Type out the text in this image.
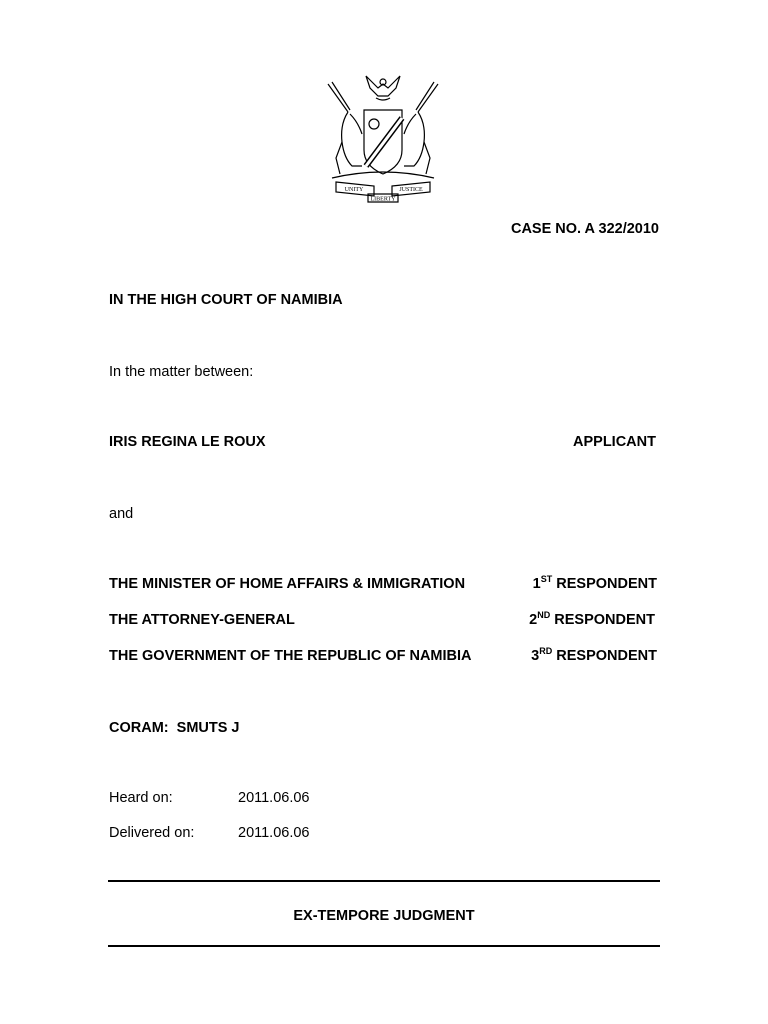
UNITY	JUSTICE
LIBERTY
CASE NO. A 322/2010
IN THE HIGH COURT OF NAMIBIA
In the matter between:
IRIS REGINA LE ROUX	APPLICANT
and
THE MINISTER OF HOME AFFAIRS & IMMIGRATION	1ST RESPONDENT
THE ATTORNEY-GENERAL	2ND RESPONDENT
THE GOVERNMENT OF THE REPUBLIC OF NAMIBIA	3RD RESPONDENT
CORAM:  SMUTS J
Heard on:	2011.06.06
Delivered on:	2011.06.06
EX-TEMPORE JUDGMENT
